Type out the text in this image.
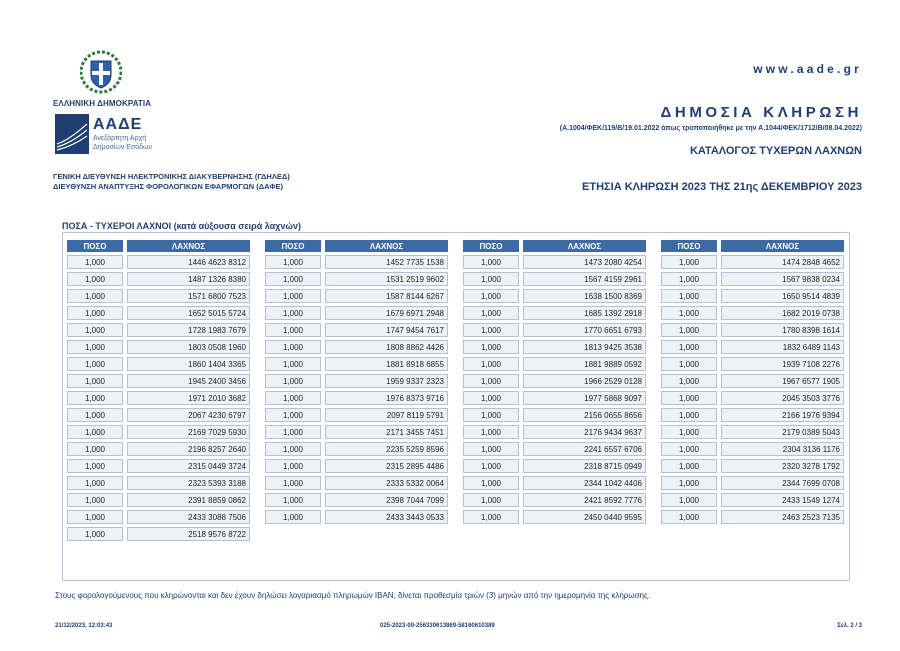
ΕΛΛΗΝΙΚΗ ΔΗΜΟΚΡΑΤΙΑ
ΑΑΔΕ
Ανεξάρτητη Αρχή
Δημοσίων Εσόδων
ΓΕΝΙΚΗ ΔΙΕΥΘΥΝΣΗ ΗΛΕΚΤΡΟΝΙΚΗΣ ΔΙΑΚΥΒΕΡΝΗΣΗΣ (ΓΔΗΛΕΔ)
ΔΙΕΥΘΥΝΣΗ ΑΝΑΠΤΥΞΗΣ ΦΟΡΟΛΟΓΙΚΩΝ ΕΦΑΡΜΟΓΩΝ (ΔΑΦΕ)
www.aade.gr
ΔΗΜΟΣΙΑ ΚΛΗΡΩΣΗ
(Α.1004/ΦΕΚ/119/Β/19.01.2022 όπως τροποποιήθηκε με την Α.1044/ΦΕΚ/1712/Β/08.04.2022)
ΚΑΤΑΛΟΓΟΣ ΤΥΧΕΡΩΝ ΛΑΧΝΩΝ
ΕΤΗΣΙΑ ΚΛΗΡΩΣΗ 2023 ΤΗΣ 21ης ΔΕΚΕΜΒΡΙΟΥ 2023
ΠΟΣΑ - ΤΥΧΕΡΟΙ ΛΑΧΝΟΙ (κατά αύξουσα σειρά λαχνών)
ΠΟΣΟ	ΛΑΧΝΟΣ
1,000	1446 4623 8312
1,000	1487 1326 8380
1,000	1571 6800 7523
1,000	1652 5015 5724
1,000	1728 1983 7679
1,000	1803 0508 1960
1,000	1860 1404 3365
1,000	1945 2400 3456
1,000	1971 2010 3682
1,000	2067 4230 6797
1,000	2169 7029 5930
1,000	2196 8257 2640
1,000	2315 0449 3724
1,000	2323 5393 3188
1,000	2391 8859 0862
1,000	2433 3088 7506
1,000	2518 9576 8722
ΠΟΣΟ	ΛΑΧΝΟΣ
1,000	1452 7735 1538
1,000	1531 2519 9602
1,000	1587 8144 6267
1,000	1679 6971 2948
1,000	1747 9454 7617
1,000	1808 8862 4426
1,000	1881 8918 6855
1,000	1959 9337 2323
1,000	1976 8373 9716
1,000	2097 8119 5791
1,000	2171 3455 7451
1,000	2235 5259 8596
1,000	2315 2895 4486
1,000	2333 5332 0064
1,000	2398 7044 7099
1,000	2433 3443 0533
ΠΟΣΟ	ΛΑΧΝΟΣ
1,000	1473 2080 4254
1,000	1567 4159 2961
1,000	1638 1500 8369
1,000	1685 1392 2918
1,000	1770 6651 6793
1,000	1813 9425 3538
1,000	1881 9889 0592
1,000	1966 2529 0128
1,000	1977 5868 9097
1,000	2156 0655 8656
1,000	2176 9434 9637
1,000	2241 6557 6706
1,000	2318 8715 0949
1,000	2344 1042 4406
1,000	2421 8592 7776
1,000	2450 0440 9595
ΠΟΣΟ	ΛΑΧΝΟΣ
1,000	1474 2848 4652
1,000	1567 9838 0234
1,000	1650 9514 4839
1,000	1682 2019 0738
1,000	1780 8398 1614
1,000	1832 6489 1143
1,000	1939 7108 2276
1,000	1967 6577 1905
1,000	2045 3503 3776
1,000	2166 1976 9394
1,000	2179 0389 5043
1,000	2304 3136 1176
1,000	2320 3278 1792
1,000	2344 7699 0708
1,000	2433 1549 1274
1,000	2463 2523 7135
Στους φορολογούμενους που κληρώνονται και δεν έχουν δηλώσει λογαριασμό πληρωμών IBAN, δίνεται προθεσμία τριών (3) μηνών από την ημερομηνία της κλήρωσης.
21/12/2023, 12:03:43	025-2023-00-256330613869-58160610389	Σελ. 2 / 3
